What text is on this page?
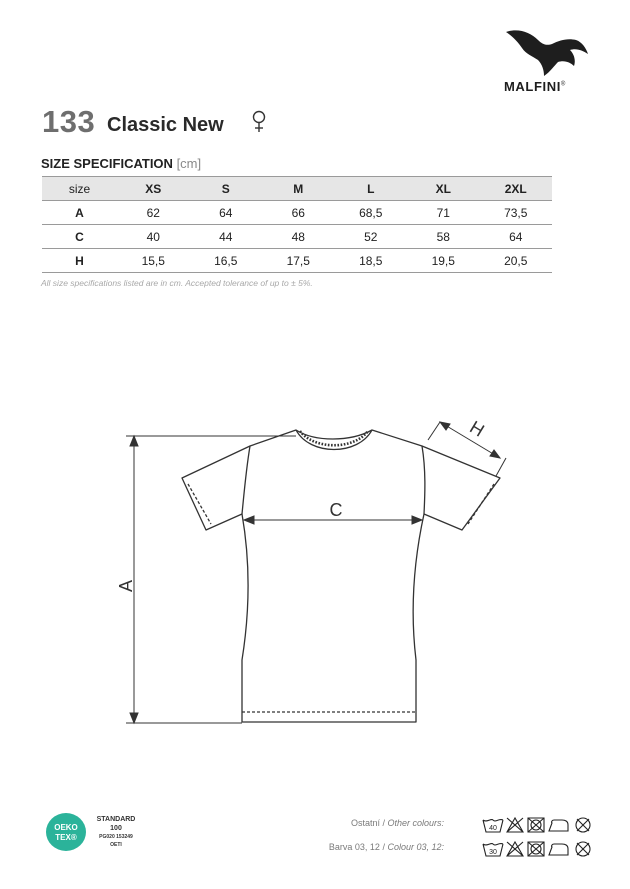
MALFINI®
133 Classic New
SIZE SPECIFICATION [cm]
size	XS	S	M	L	XL	2XL
A	62	64	66	68,5	71	73,5
C	40	44	48	52	58	64
H	15,5	16,5	17,5	18,5	19,5	20,5
All size specifications listed are in cm. Accepted tolerance of up to ± 5%.
A
C
H
OEKO
TEX®
STANDARD
100
PG020 153249
OETI
Ostatní / Other colours:
40
Barva 03, 12 / Colour 03, 12:
30
